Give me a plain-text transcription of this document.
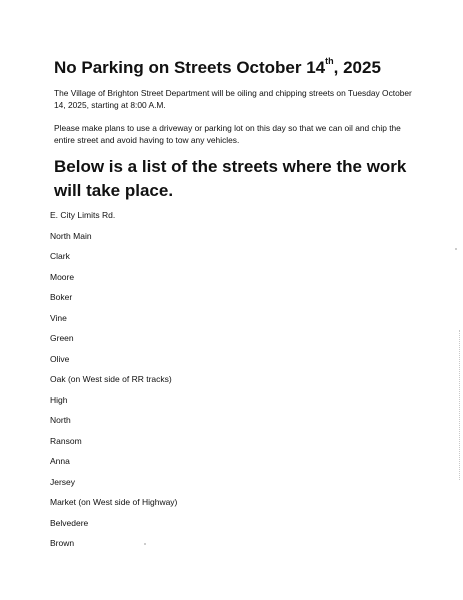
No Parking on Streets October 14th, 2025
The Village of Brighton Street Department will be oiling and chipping streets on Tuesday October 14, 2025, starting at 8:00 A.M.
Please make plans to use a driveway or parking lot on this day so that we can oil and chip the entire street and avoid having to tow any vehicles.
Below is a list of the streets where the work will take place.
E. City Limits Rd.
North Main
Clark
Moore
Boker
Vine
Green
Olive
Oak (on West side of RR tracks)
High
North
Ransom
Anna
Jersey
Market (on West side of Highway)
Belvedere
Brown
